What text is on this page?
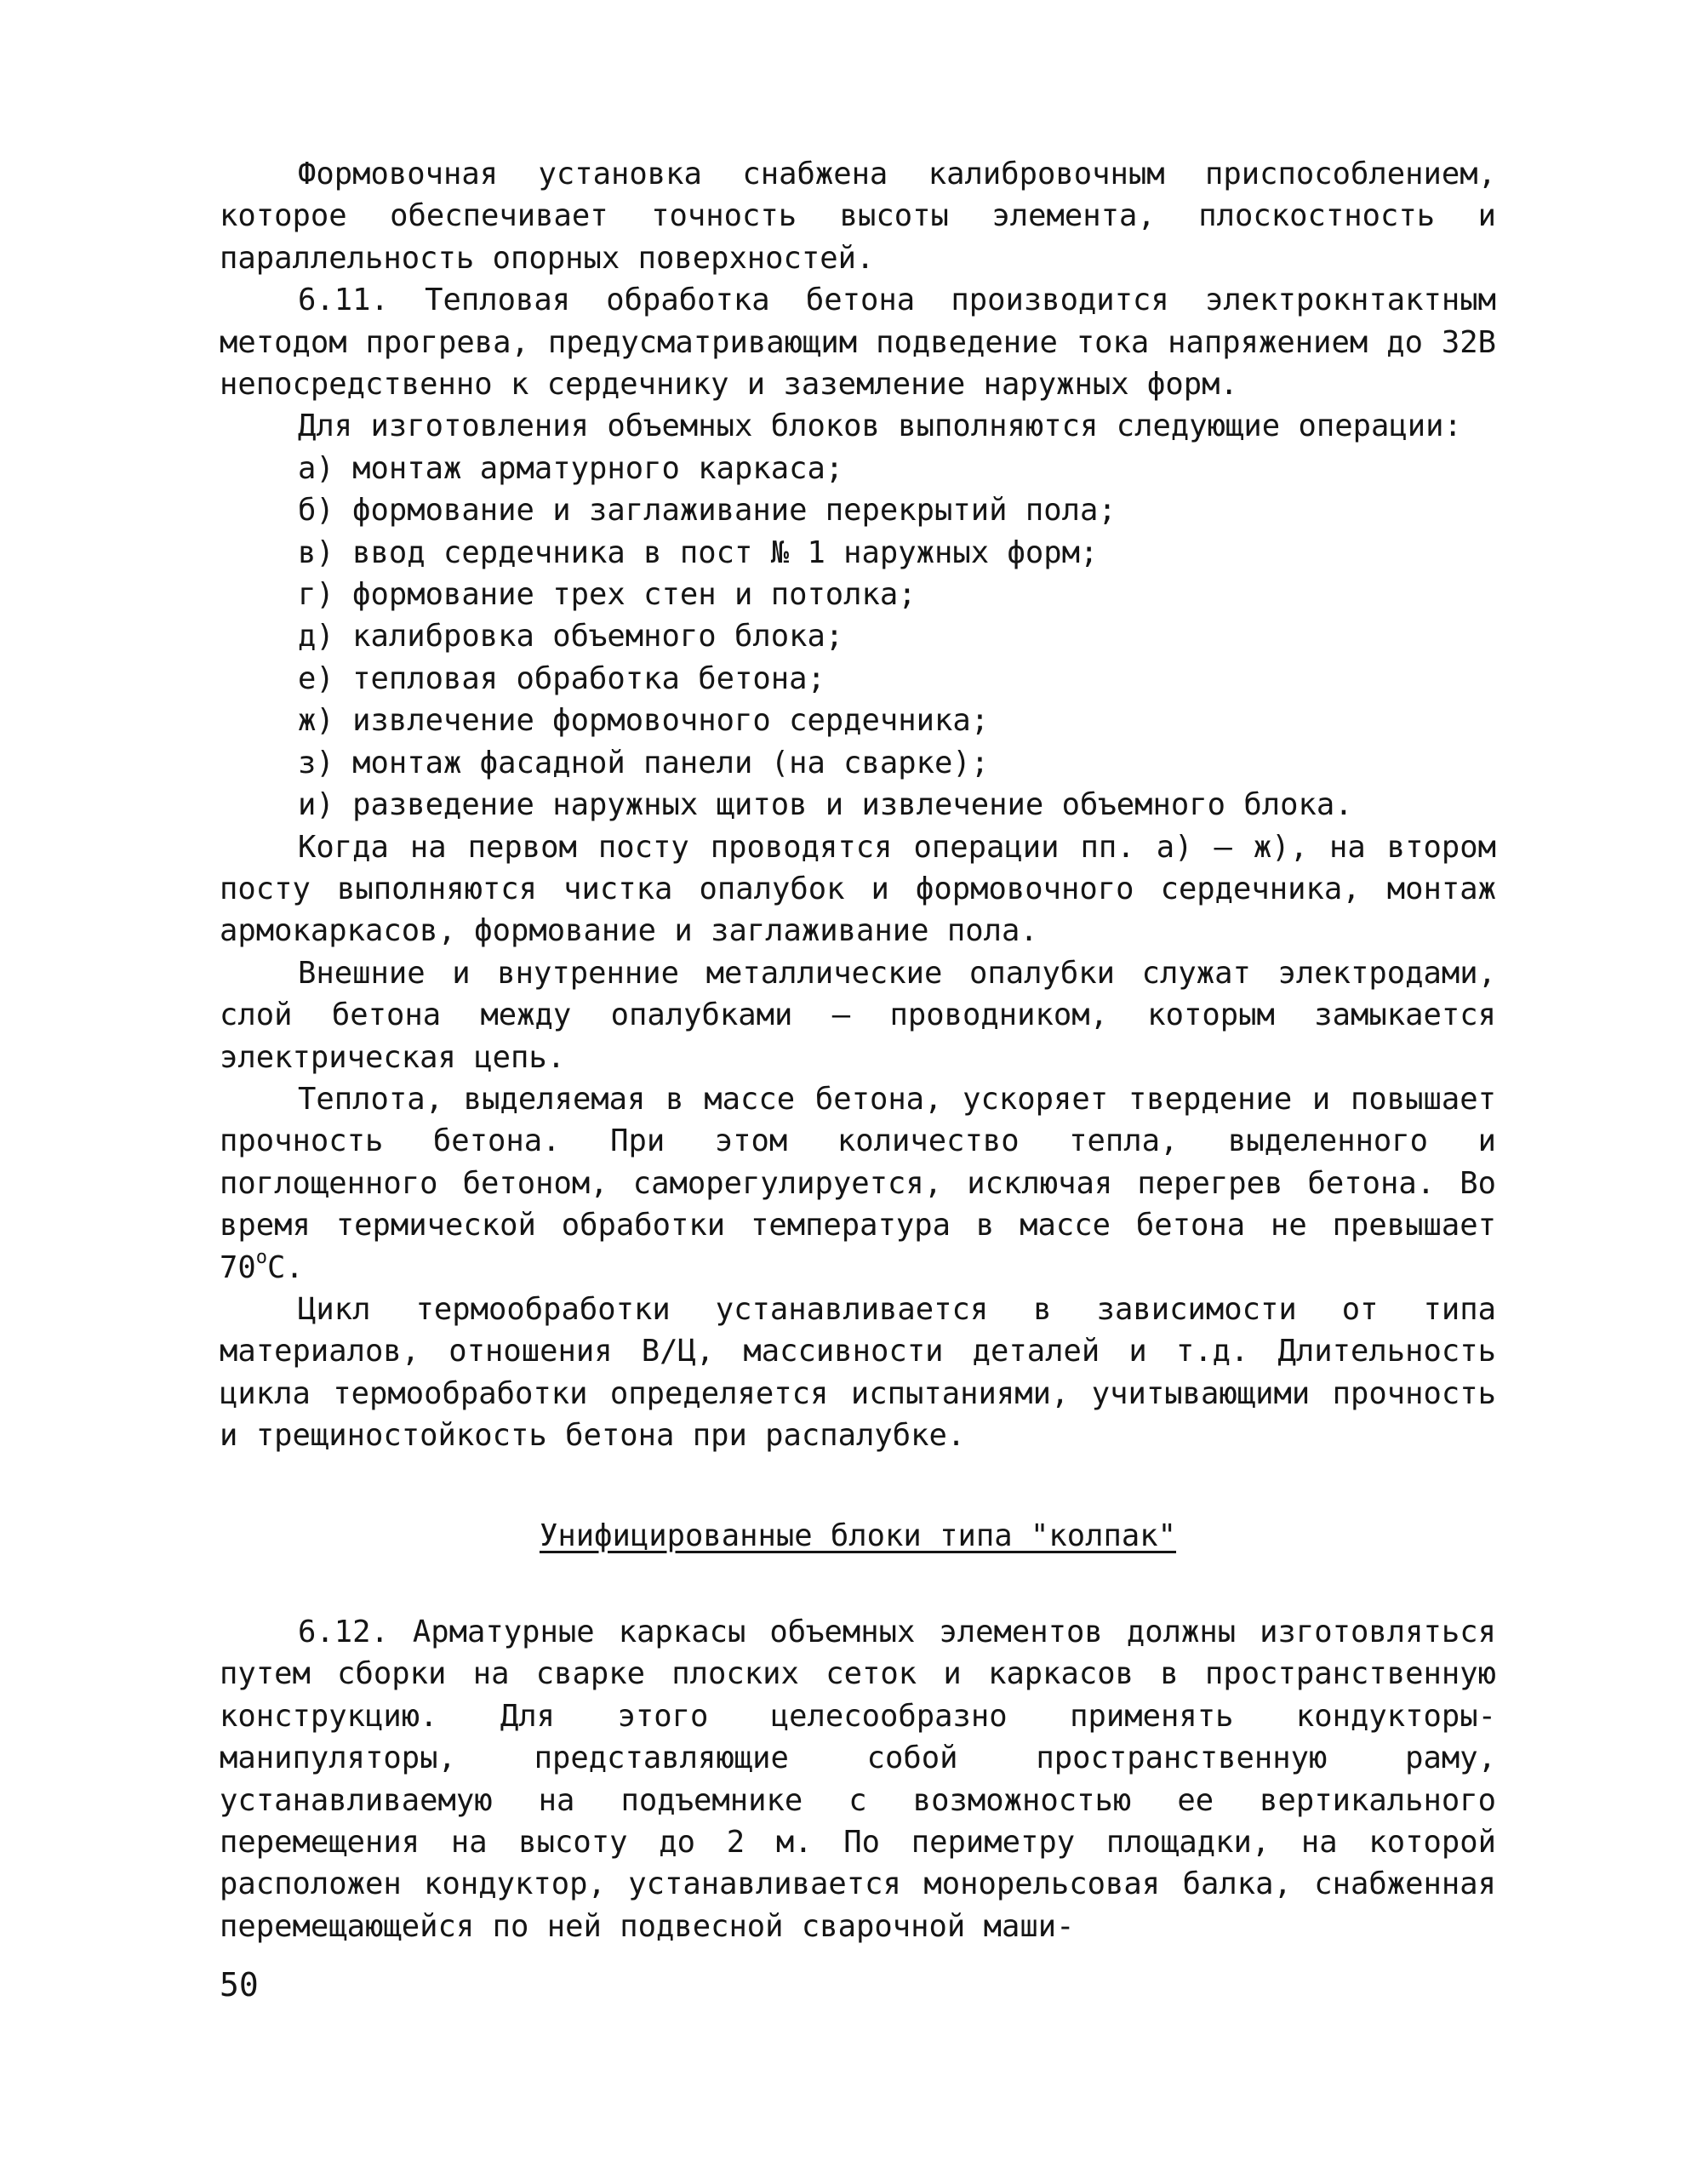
Формовочная установка снабжена калибровочным приспособлением, которое обеспечивает точность высоты элемента, плоскостность и параллельность опорных поверхностей.

6.11. Тепловая обработка бетона производится электрокнтактным методом прогрева, предусматривающим подведение тока напряжением до 32В непосредственно к сердечнику и заземление наружных форм.

Для изготовления объемных блоков выполняются следующие операции:

а) монтаж арматурного каркаса;
б) формование и заглаживание перекрытий пола;
в) ввод сердечника в пост № 1 наружных форм;
г) формование трех стен и потолка;
д) калибровка объемного блока;
е) тепловая обработка бетона;
ж) извлечение формовочного сердечника;
з) монтаж фасадной панели (на сварке);
и) разведение наружных щитов и извлечение объемного блока.

Когда на первом посту проводятся операции пп. а) – ж), на втором посту выполняются чистка опалубок и формовочного сердечника, монтаж армокаркасов, формование и заглаживание пола.

Внешние и внутренние металлические опалубки служат электродами, слой бетона между опалубками – проводником, которым замыкается электрическая цепь.

Теплота, выделяемая в массе бетона, ускоряет твердение и повышает прочность бетона. При этом количество тепла, выделенного и поглощенного бетоном, саморегулируется, исключая перегрев бетона. Во время термической обработки температура в массе бетона не превышает $70^оС$.

Цикл термообработки устанавливается в зависимости от типа материалов, отношения В/Ц, массивности деталей и т.д. Длительность цикла термообработки определяется испытаниями, учитывающими прочность и трещиностойкость бетона при распалубке.

Унифицированные блоки типа "колпак"

6.12. Арматурные каркасы объемных элементов должны изготовляться путем сборки на сварке плоских сеток и каркасов в пространственную конструкцию. Для этого целесообразно применять кондукторы-манипуляторы, представляющие собой пространственную раму, устанавливаемую на подъемнике с возможностью ее вертикального перемещения на высоту до 2 м. По периметру площадки, на которой расположен кондуктор, устанавливается монорельсовая балка, снабженная перемещающейся по ней подвесной сварочной маши-

50
